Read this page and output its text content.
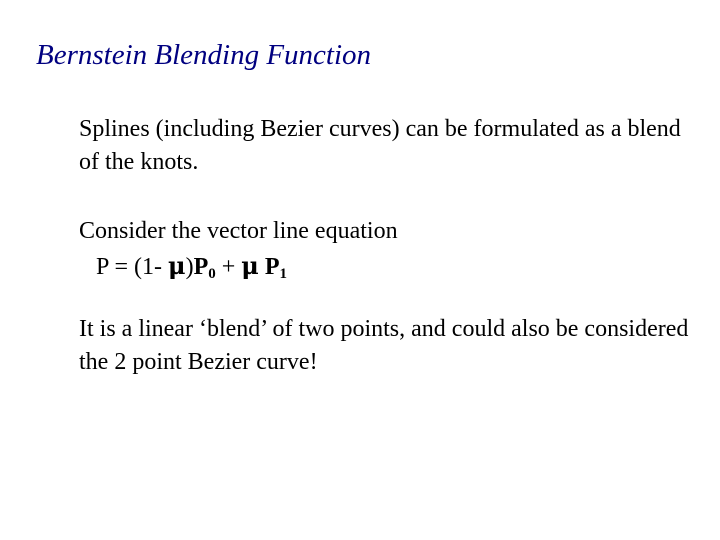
Bernstein Blending Function

Splines (including Bezier curves) can be formulated as a blend of the knots.

Consider the vector line equation

P = (1- $\mu)P_0 + \mu$ $P_1$

It is a linear ‘blend’ of two points, and could also be considered the 2 point Bezier curve!
